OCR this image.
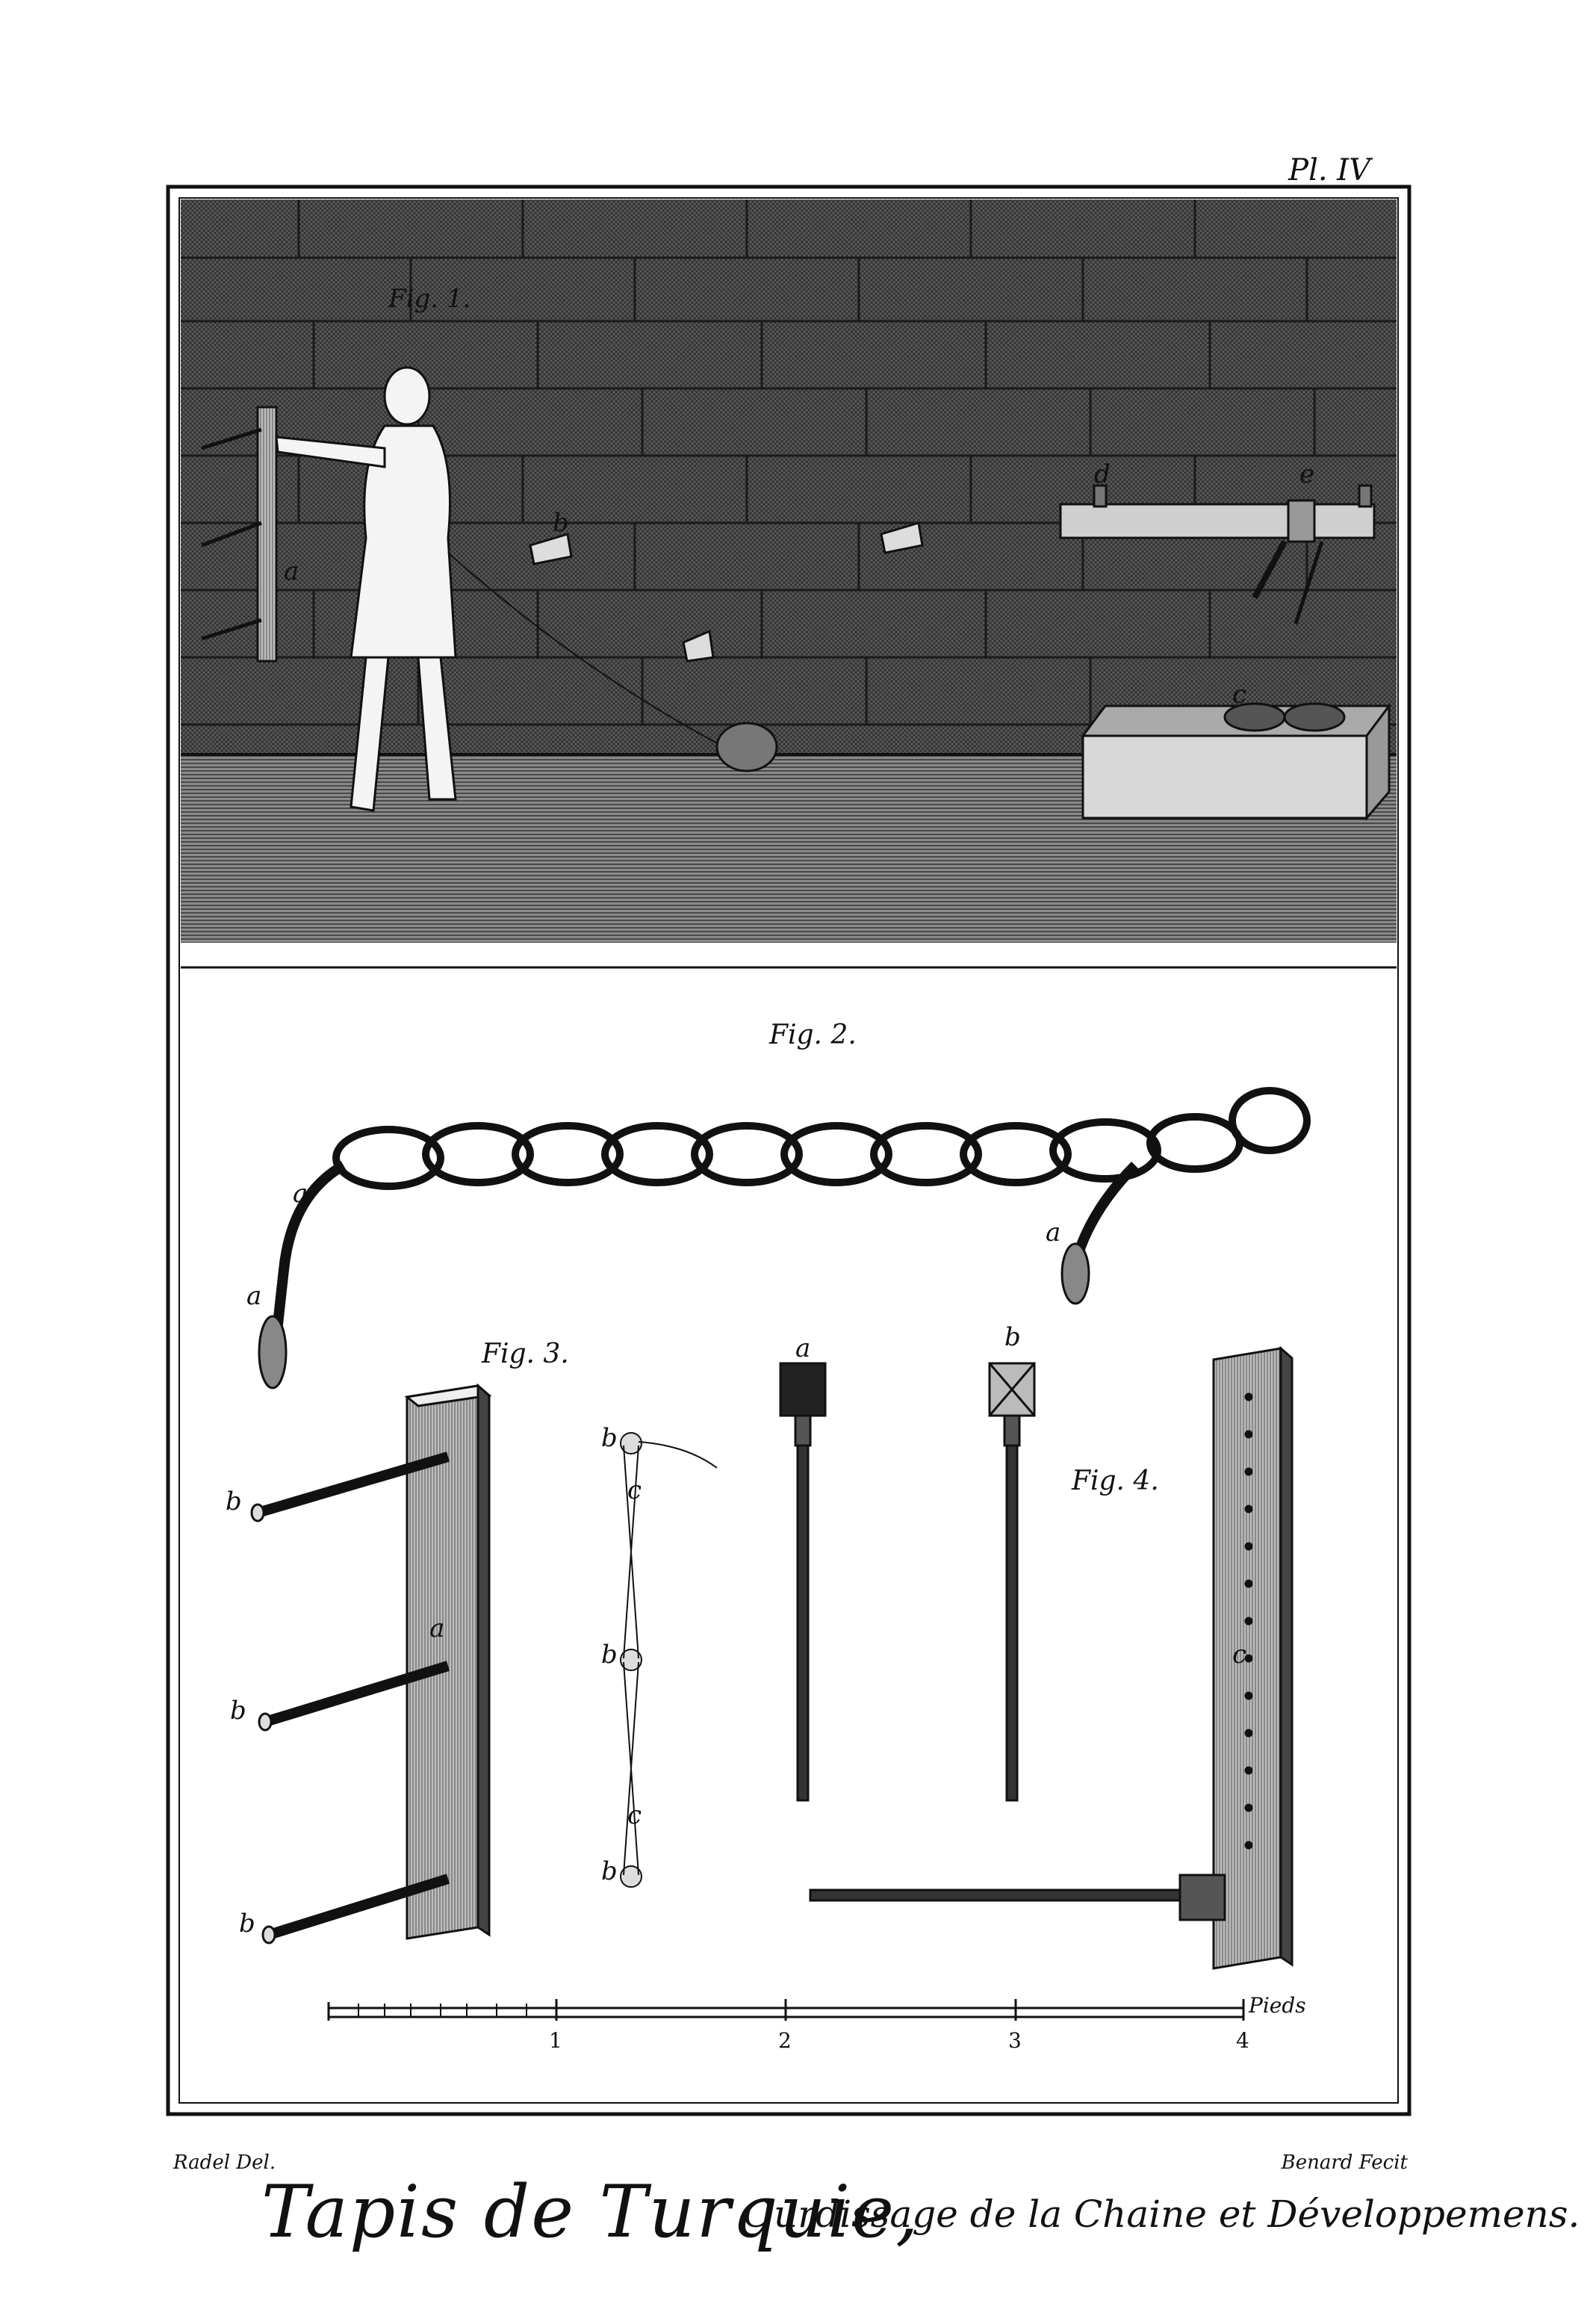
Pl. IV
Fig. 1.
a
b
c
d	e
Fig. 2.
a
a
a
Fig. 3.
a
b
b
b
b
b
b
c
c
Fig. 4.
a	b
c
1	2	3	4
Pieds
Radel Del.	Benard Fecit
Tapis de Turquie,
Ourdissage de la Chaine et Développemens.
